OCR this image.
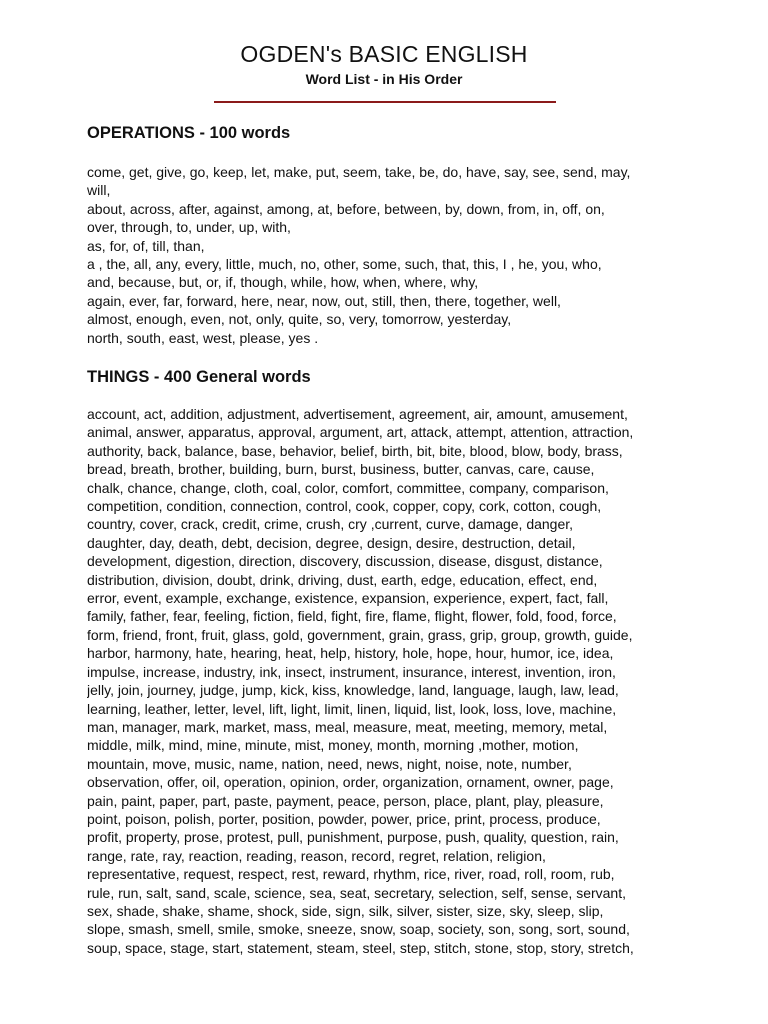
OGDEN's BASIC ENGLISH
Word List - in His Order
OPERATIONS - 100 words
come, get, give, go, keep, let, make, put, seem, take, be, do, have, say, see, send, may,
will,
about, across, after, against, among, at, before, between, by, down, from, in, off, on,
over, through, to, under, up, with,
as, for, of, till, than,
a , the, all, any, every, little, much, no, other, some, such, that, this, I , he, you, who,
and, because, but, or, if, though, while, how, when, where, why,
again, ever, far, forward, here, near, now, out, still, then, there, together, well,
almost, enough, even, not, only, quite, so, very, tomorrow, yesterday,
north, south, east, west, please, yes .
THINGS - 400 General words
account, act, addition, adjustment, advertisement, agreement, air, amount, amusement,
animal, answer, apparatus, approval, argument, art, attack, attempt, attention, attraction,
authority, back, balance, base, behavior, belief, birth, bit, bite, blood, blow, body, brass,
bread, breath, brother, building, burn, burst, business, butter, canvas, care, cause,
chalk, chance, change, cloth, coal, color, comfort, committee, company, comparison,
competition, condition, connection, control, cook, copper, copy, cork, cotton, cough,
country, cover, crack, credit, crime, crush, cry ,current, curve, damage, danger,
daughter, day, death, debt, decision, degree, design, desire, destruction, detail,
development, digestion, direction, discovery, discussion, disease, disgust, distance,
distribution, division, doubt, drink, driving, dust, earth, edge, education, effect, end,
error, event, example, exchange, existence, expansion, experience, expert, fact, fall,
family, father, fear, feeling, fiction, field, fight, fire, flame, flight, flower, fold, food, force,
form, friend, front, fruit, glass, gold, government, grain, grass, grip, group, growth, guide,
harbor, harmony, hate, hearing, heat, help, history, hole, hope, hour, humor, ice, idea,
impulse, increase, industry, ink, insect, instrument, insurance, interest, invention, iron,
jelly, join, journey, judge, jump, kick, kiss, knowledge, land, language, laugh, law, lead,
learning, leather, letter, level, lift, light, limit, linen, liquid, list, look, loss, love, machine,
man, manager, mark, market, mass, meal, measure, meat, meeting, memory, metal,
middle, milk, mind, mine, minute, mist, money, month, morning ,mother, motion,
mountain, move, music, name, nation, need, news, night, noise, note, number,
observation, offer, oil, operation, opinion, order, organization, ornament, owner, page,
pain, paint, paper, part, paste, payment, peace, person, place, plant, play, pleasure,
point, poison, polish, porter, position, powder, power, price, print, process, produce,
profit, property, prose, protest, pull, punishment, purpose, push, quality, question, rain,
range, rate, ray, reaction, reading, reason, record, regret, relation, religion,
representative, request, respect, rest, reward, rhythm, rice, river, road, roll, room, rub,
rule, run, salt, sand, scale, science, sea, seat, secretary, selection, self, sense, servant,
sex, shade, shake, shame, shock, side, sign, silk, silver, sister, size, sky, sleep, slip,
slope, smash, smell, smile, smoke, sneeze, snow, soap, society, son, song, sort, sound,
soup, space, stage, start, statement, steam, steel, step, stitch, stone, stop, story, stretch,
